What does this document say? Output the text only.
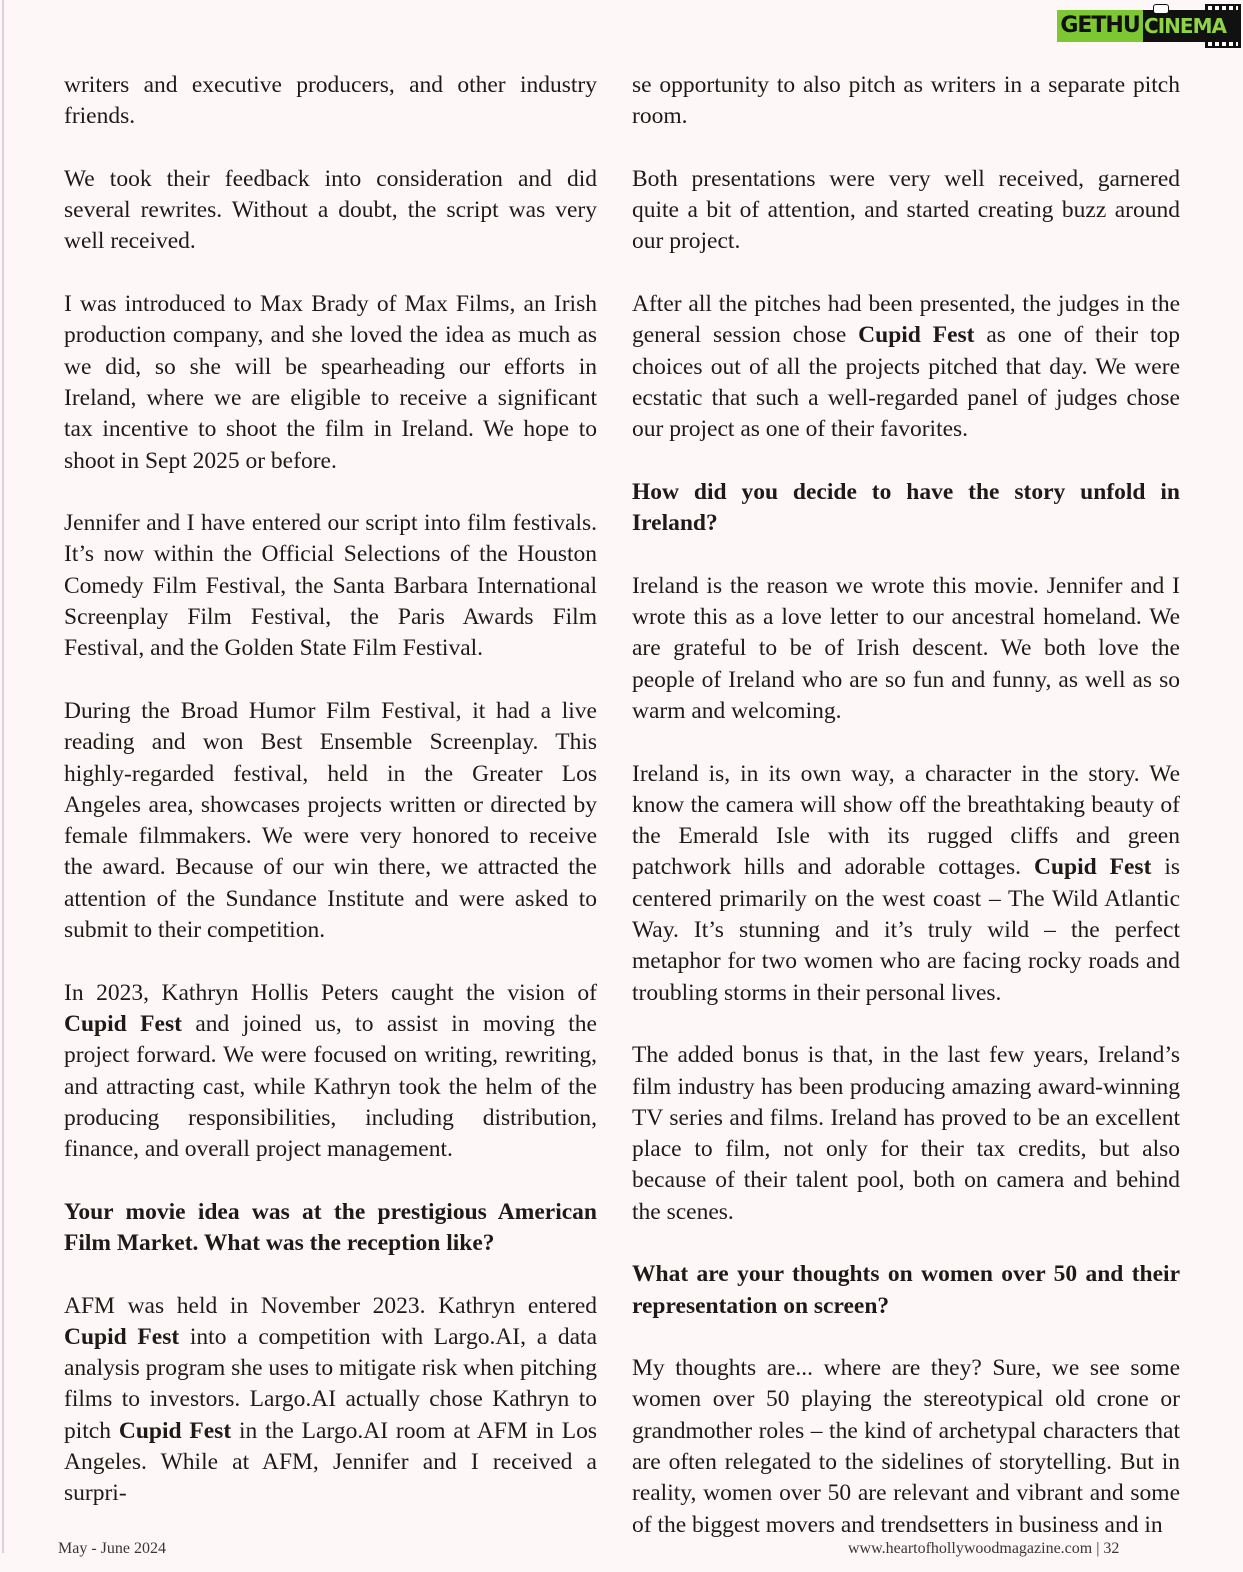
GETHU CINEMA

writers and executive producers, and other industry friends.

We took their feedback into consideration and did several rewrites. Without a doubt, the script was very well received.

I was introduced to Max Brady of Max Films, an Irish production company, and she loved the idea as much as we did, so she will be spearheading our efforts in Ireland, where we are eligible to receive a significant tax incentive to shoot the film in Ireland. We hope to shoot in Sept 2025 or before.

Jennifer and I have entered our script into film festivals. It’s now within the Official Selections of the Houston Comedy Film Festival, the Santa Barbara International Screenplay Film Festival, the Paris Awards Film Festival, and the Golden State Film Festival.

During the Broad Humor Film Festival, it had a live reading and won Best Ensemble Screenplay. This highly-regarded festival, held in the Greater Los Angeles area, showcases projects written or directed by female filmmakers. We were very honored to receive the award. Because of our win there, we attracted the attention of the Sundance Institute and were asked to submit to their competition.

In 2023, Kathryn Hollis Peters caught the vision of Cupid Fest and joined us, to assist in moving the project forward. We were focused on writing, rewriting, and attracting cast, while Kathryn took the helm of the producing responsibilities, including distribution, finance, and overall project management.

Your movie idea was at the prestigious American Film Market. What was the reception like?

AFM was held in November 2023. Kathryn entered Cupid Fest into a competition with Largo.AI, a data analysis program she uses to mitigate risk when pitching films to investors. Largo.AI actually chose Kathryn to pitch Cupid Fest in the Largo.AI room at AFM in Los Angeles. While at AFM, Jennifer and I received a surpri-

se opportunity to also pitch as writers in a separate pitch room.

Both presentations were very well received, garnered quite a bit of attention, and started creating buzz around our project.

After all the pitches had been presented, the judges in the general session chose Cupid Fest as one of their top choices out of all the projects pitched that day. We were ecstatic that such a well-regarded panel of judges chose our project as one of their favorites.

How did you decide to have the story unfold in Ireland?

Ireland is the reason we wrote this movie. Jennifer and I wrote this as a love letter to our ancestral homeland. We are grateful to be of Irish descent. We both love the people of Ireland who are so fun and funny, as well as so warm and welcoming.

Ireland is, in its own way, a character in the story. We know the camera will show off the breathtaking beauty of the Emerald Isle with its rugged cliffs and green patchwork hills and adorable cottages. Cupid Fest is centered primarily on the west coast – The Wild Atlantic Way. It’s stunning and it’s truly wild – the perfect metaphor for two women who are facing rocky roads and troubling storms in their personal lives.

The added bonus is that, in the last few years, Ireland’s film industry has been producing amazing award-winning TV series and films. Ireland has proved to be an excellent place to film, not only for their tax credits, but also because of their talent pool, both on camera and behind the scenes.

What are your thoughts on women over 50 and their representation on screen?

My thoughts are... where are they? Sure, we see some women over 50 playing the stereotypical old crone or grandmother roles – the kind of archetypal characters that are often relegated to the sidelines of storytelling. But in reality, women over 50 are relevant and vibrant and some of the biggest movers and trendsetters in business and in

May - June 2024	www.heartofhollywoodmagazine.com | 32
